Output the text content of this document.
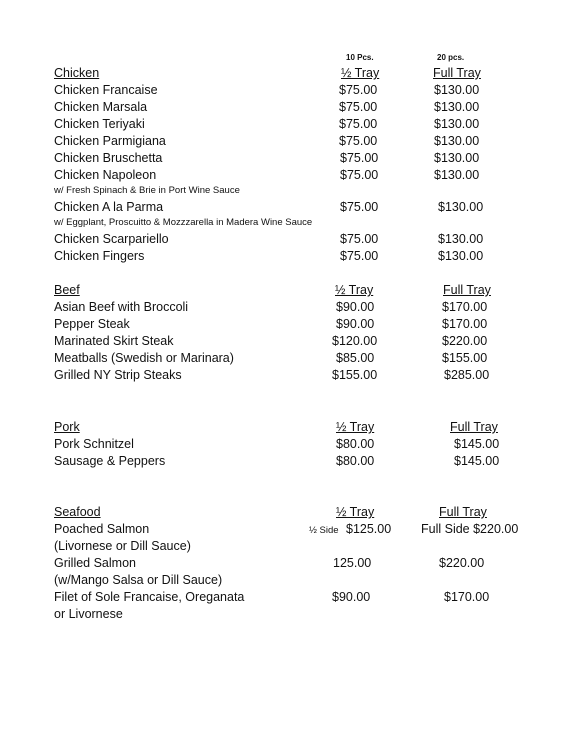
10 Pcs.	20 pcs.
Chicken	½ Tray	Full Tray
Chicken Francaise	$75.00	$130.00
Chicken Marsala	$75.00	$130.00
Chicken Teriyaki	$75.00	$130.00
Chicken Parmigiana	$75.00	$130.00
Chicken Bruschetta	$75.00	$130.00
Chicken Napoleon	$75.00	$130.00
w/ Fresh Spinach & Brie in Port Wine Sauce
Chicken A la Parma	$75.00	$130.00
w/ Eggplant, Proscuitto & Mozzzarella in Madera Wine Sauce
Chicken Scarpariello	$75.00	$130.00
Chicken Fingers	$75.00	$130.00
Beef	½ Tray	Full Tray
Asian Beef with Broccoli	$90.00	$170.00
Pepper Steak	$90.00	$170.00
Marinated Skirt Steak	$120.00	$220.00
Meatballs (Swedish or Marinara)	$85.00	$155.00
Grilled NY Strip Steaks	$155.00	$285.00
Pork	½ Tray	Full Tray
Pork Schnitzel	$80.00	$145.00
Sausage & Peppers	$80.00	$145.00
Seafood	½ Tray	Full Tray
Poached Salmon	½ Side $125.00 Full Side $220.00
(Livornese or Dill Sauce)
Grilled Salmon	125.00	$220.00
(w/Mango Salsa or Dill Sauce)
Filet of Sole Francaise, Oreganata	$90.00	$170.00
or Livornese
